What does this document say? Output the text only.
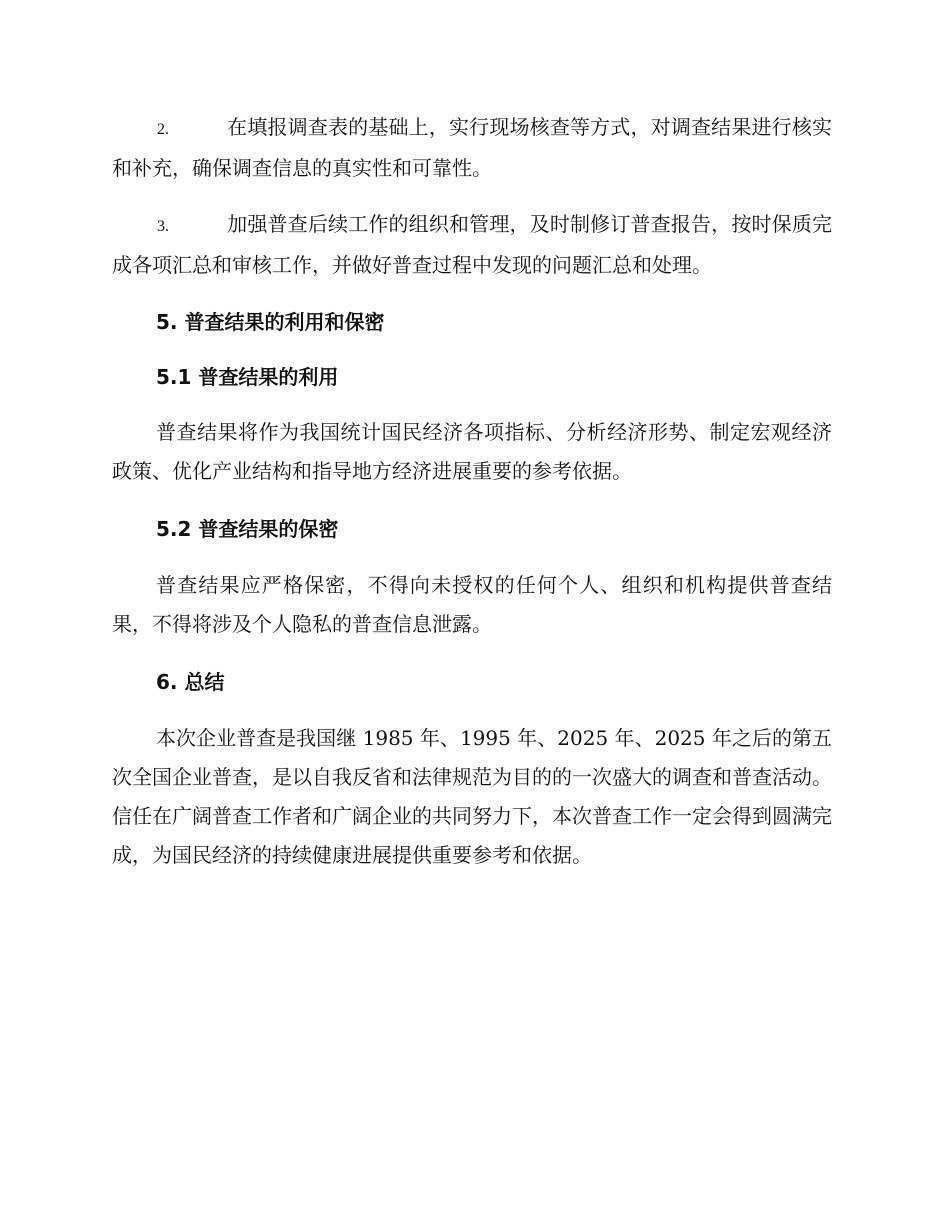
2.	在填报调查表的基础上，实行现场核查等方式，对调查结果进行核实和补充，确保调查信息的真实性和可靠性。

3.	加强普查后续工作的组织和管理，及时制修订普查报告，按时保质完成各项汇总和审核工作，并做好普查过程中发现的问题汇总和处理。

5. 普查结果的利用和保密
5.1 普查结果的利用

普查结果将作为我国统计国民经济各项指标、分析经济形势、制定宏观经济政策、优化产业结构和指导地方经济进展重要的参考依据。

5.2 普查结果的保密

普查结果应严格保密，不得向未授权的任何个人、组织和机构提供普查结果，不得将涉及个人隐私的普查信息泄露。

6. 总结

本次企业普查是我国继 1985 年、1995 年、2025 年、2025 年之后的第五次全国企业普查，是以自我反省和法律规范为目的的一次盛大的调查和普查活动。信任在广阔普查工作者和广阔企业的共同努力下，本次普查工作一定会得到圆满完成，为国民经济的持续健康进展提供重要参考和依据。
